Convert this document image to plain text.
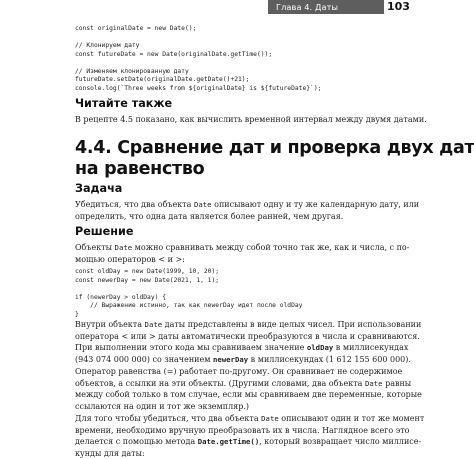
Глава 4. Даты	103
const originalDate = new Date();
// Клонируем дату
const futureDate = new Date(originalDate.getTime());
// Изменяем клонированную дату
futureDate.setDate(originalDate.getDate()+21);
console.log(`Three weeks from ${originalDate} is ${futureDate}`);
Читайте также
В рецепте 4.5 показано, как вычислить временной интервал между двумя датами.
4.4. Сравнение дат и проверка двух дат
на равенство
Задача
Убедиться, что два объекта Date описывают одну и ту же календарную дату, или
определить, что одна дата является более ранней, чем другая.
Решение
Объекты Date можно сравнивать между собой точно так же, как и числа, с по-
мощью операторов < и >:
const oldDay = new Date(1999, 10, 20);
const newerDay = new Date(2021, 1, 1);
if (newerDay > oldDay) {
// Выражение истинно, так как newerDay идет после oldDay
}
Внутри объекта Date даты представлены в виде целых чисел. При использовании
оператора < или > даты автоматически преобразуются в числа и сравниваются.
При выполнении этого кода мы сравниваем значение oldDay в миллисекундах
(943 074 000 000) со значением newerDay в миллисекундах (1 612 155 600 000).
Оператор равенства (=) работает по-другому. Он сравнивает не содержимое
объектов, а ссылки на эти объекты. (Другими словами, два объекта Date равны
между собой только в том случае, если мы сравниваем две переменные, которые
ссылаются на один и тот же экземпляр.)
Для того чтобы убедиться, что два объекта Date описывают один и тот же момент
времени, необходимо вручную преобразовать их в числа. Наглядное всего это
делается с помощью метода Date.getTime(), который возвращает число миллисе-
кунды для даты:
